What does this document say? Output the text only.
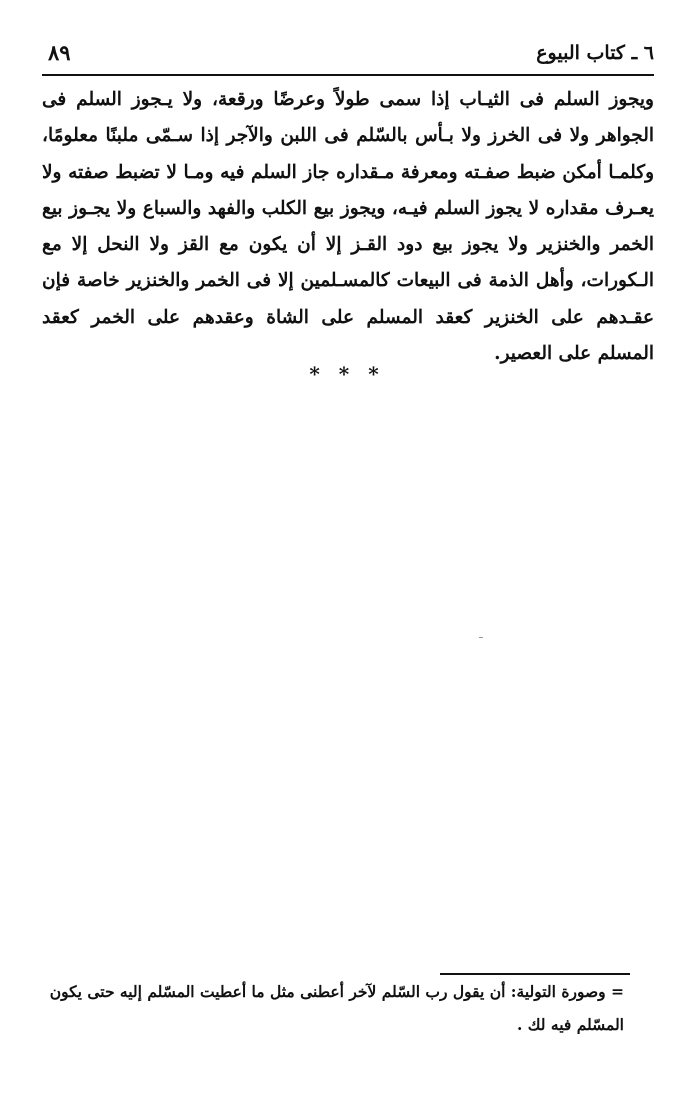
٦ ـ كتاب البيوع
٨٩
ويجوز السلم فى الثيـاب إذا سمى طولاً وعرضًا ورقعة، ولا يـجوز السلم فى الجواهر ولا فى الخرز ولا بـأس بالسّلم فى اللبن والآجر إذا سـمّى ملبنًا معلومًا، وكلمـا أمكن ضبط صفـته ومعرفة مـقداره جاز السلم فيه ومـا لا تضبط صفته ولا يعـرف مقداره لا يجوز السلم فيـه، ويجوز بيع الكلب والفهد والسباع ولا يجـوز بيع الخمر والخنزير ولا يجوز بيع دود القـز إلا أن يكون مع القز ولا النحل إلا مع الـكورات، وأهل الذمة فى البيعات كالمسـلمين إلا فى الخمر والخنزير خاصة فإن عقـدهم على الخنزير كعقد المسلم على الشاة وعقدهم على الخمر كعقد المسلم على العصير.
* * *
= وصورة التولية: أن يقول رب السّلم لآخر أعطنى مثل ما أعطيت المسّلم إليه حتى يكون المسّلم فيه لك .
